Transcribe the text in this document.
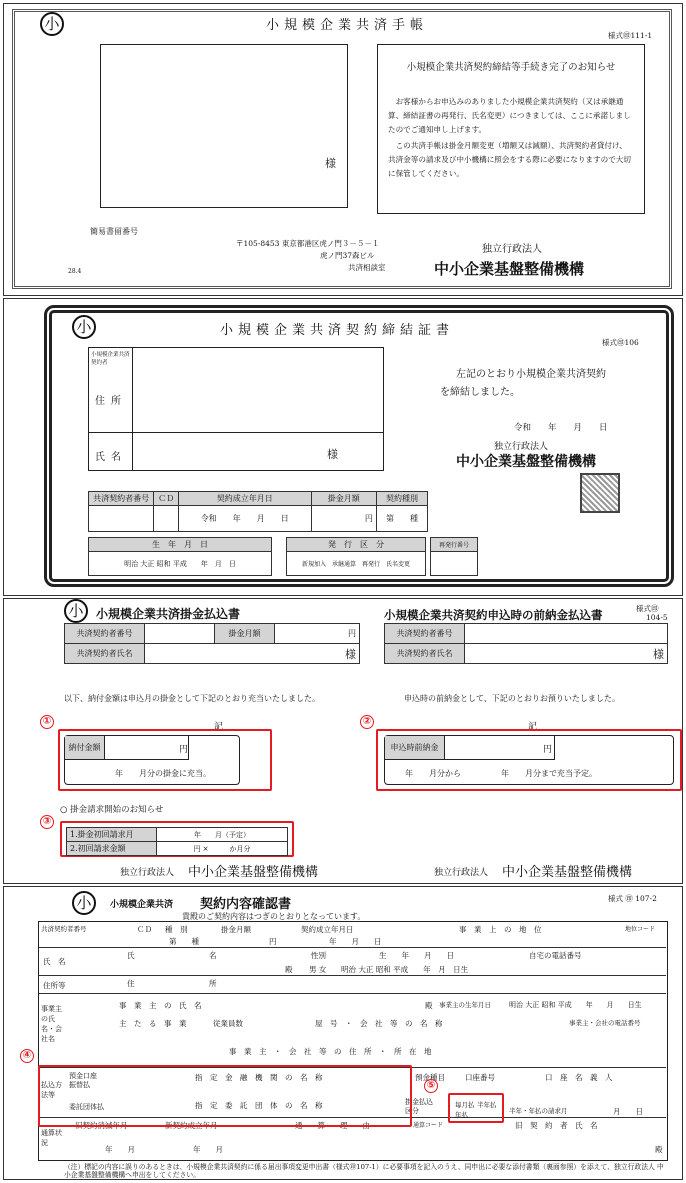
小	小規模企業共済手帳
様式㊞111-1
様
小規模企業共済契約締結等手続き完了のお知らせ
お客様からお申込みのありました小規模企業共済契約（又は承継通算、締結証書の再発行、氏名変更）につきましては、ここに承諾しましたのでご通知申し上げます。
この共済手帳は掛金月額変更（増額又は減額）、共済契約者貸付け、共済金等の請求及び中小機構に照会をする際に必要になりますので大切に保管してください。
簡易書留番号
〒105-8453 東京都港区虎ノ門３－５－１
虎ノ門37森ビル
共済相談室
独立行政法人
中小企業基盤整備機構
28.4
小	小規模企業共済契約締結証書
様式㊞106
小規模企業共済契約者
住所
氏名	様
左記のとおり小規模企業共済契約
を締結しました。
令和　　年　　月　　日
独立行政法人
中小企業基盤整備機構
共済契約者番号	ＣＤ	契約成立年月日	掛金月額	契約種別
		令和　　年　　月　　日	円	第　　種
生　年　月　日
明治 大正 昭和 平成　　年　月　日
発　行　区　分
新規加入　承継通算　再発行　氏名変更
再発行番号

小	小規模企業共済掛金払込書	小規模企業共済契約申込時の前納金払込書	様式㊞
104-5
共済契約者番号		掛金月額	円
共済契約者氏名	様		
共済契約者番号	
共済契約者氏名	様
以下、納付金額は申込月の掛金として下記のとおり充当いたしました。	申込時の前納金として、下記のとおりお預りいたしました。
①	記
納付金額	円
年　　月分の掛金に充当。
②	記
申込時前納金	円
年　　月分から　　　　　年　　月分まで充当予定。
○ 掛金請求開始のお知らせ
③
1.掛金初回請求月	年　　月（予定）
2.初回請求金額	円 ×　　　か月分
独立行政法人 中小企業基盤整備機構	独立行政法人 中小企業基盤整備機構
小	小規模企業共済 契約内容確認書
貴殿のご契約内容はつぎのとおりとなっています。
様式 ㊞ 107-2
共済契約者番号	ＣＤ 種　別	掛金月額	契約成立年月日	事　業　上　の　地　位	地位コード
第　　種	円	年　　月　　日
氏　名
氏	名	性別	生　　年　　月　　日	自宅の電話番号
殿 男 女 明治 大正 昭和 平成　　年　月　日生
住所等	住	所
事業主の氏名・会社名
事　業　主　の　氏　名	殿 事業主の生年月日	明治 大正 昭和 平成　　年　　月　　日生
主　た　る　事　業	従業員数	屋　号　・　会　社　等　の　名　称	事業主・会社の電話番号
事　業　主　・　会　社　等　の　住　所　・　所　在　地
払込方法等
預金口座振替払
指　定　金　融　機　関　の　名　称
委託団体払	指　定　委　託　団　体　の　名　称	掛金払込区分
預金種目	口座番号	口　座　名　義　人
毎月払 半年払
年払	半年・年払の請求月	月　　日
通算状況
旧契約消滅年月	新契約成立年月	通　　算　　理　　由	通算コード	旧　契　約　者　氏　名
年　　月	年　　月	殿
④
⑤
（注）標記の内容に誤りのあるときは、小規模企業共済契約に係る届出事項変更申出書（様式㊞107-1）に必要事項を記入のうえ、同申出に必要な添付書類（裏面参照）を添えて、独立行政法人 中小企業基盤整備機構へ申出をしてください。
